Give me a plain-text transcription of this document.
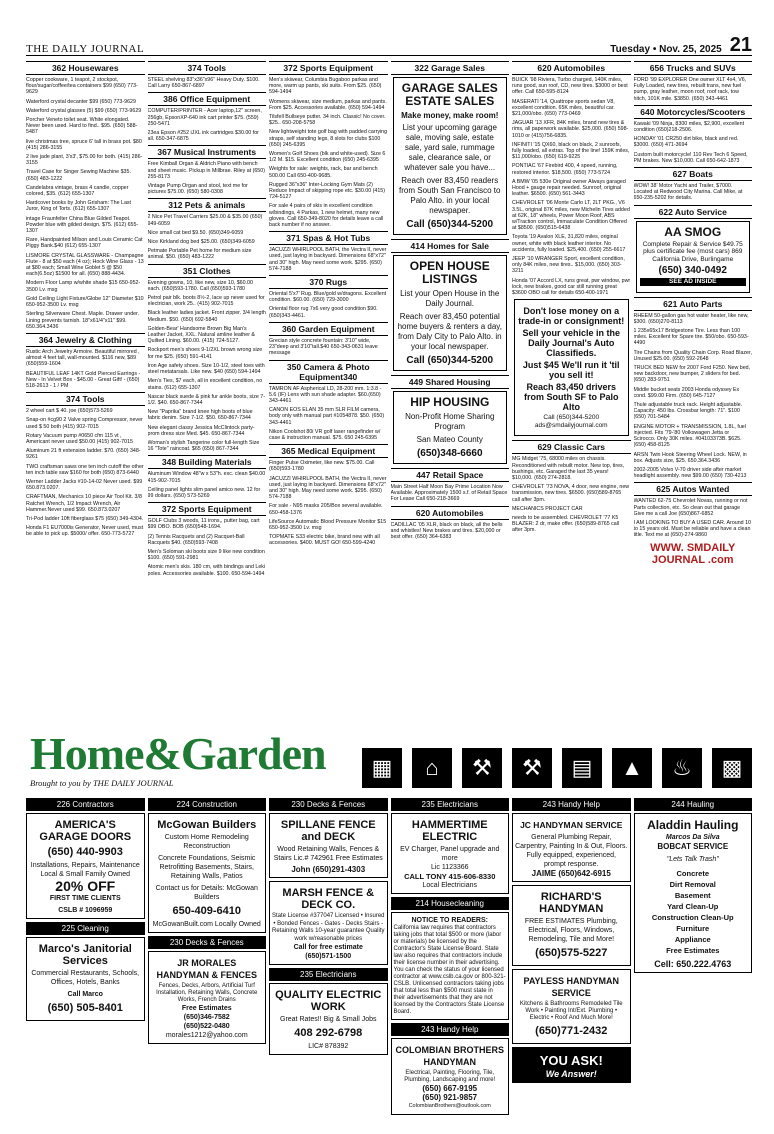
THE DAILY JOURNAL	Tuesday • Nov. 25, 2025 21
362 Housewares
Copper cookware, 1 teapot, 2 stockpot, flour/sugar/coffee/tea containers $99 (650) 773-9629
Waterford crystal decanter $99 (650) 773-9629
Waterford crystal glasses (5) $99 (650) 773-9629
Porcher Veneto toilet seat. White elongated. Never been used. Hard to find.. $95. (650) 588-5487
live christmas tree, spruce 6' tall in brass pot. $80 (415) 286-3155
2 live jade plant, 3'x3', $75.00 for both. (415) 286-3155
Travel Case for Singer Sewing Machine $35. (650) 483-1222
Candelabra vintage, brass 4 candle, copper colored, $35. (612) 655-1307
Hardcover books by John Grisham: The Last Juror, King of Torts. (612) 655-1307
intage Fraunfelter China Blue Gilded Teapot. Powder blue with gilded design. $75. (612) 655-1307
Rare, Handpainted Milson and Louis Ceramic Cat Piggy Bank.$40 (612) 655-1307
LISMORE CRYSTAL GLASSWARE - Champagne Flute - 8 at $50 each (4 oz); Hock Wine Glass - 13 at $80 each; Small Wine Goblet 5 @ $50 each(6.5oz) $1500 for all. (650) 888-4434.
Modern Floor Lamp w/white shade $15 650-952-3500 Lv. msg
Gold Ceiling Light Fixture/Globe 12" Diameter $10 650-952-3500 Lv. msg
Sterling Silverware Chest. Maple. Drawer under. Lining prevents tarnish. 18"x61/4"x11" $99. 650.364.3436
364 Jewelry & Clothing
Rustic Arch Jewelry Armoire. Beautiful mirrored , almost 4 feet tall, wall-mounted. $116 new, $89 (650)559-1604
BEAUTIFUL LEAF 14KT Gold Pierced Earrings - New - In Velvet Box - $45.00 - Great Gift! - (650) 518-2613 - 1 / PM
374 Tools
2 wheel cart $ 40. joe (650)573-5269
Snap-on #cg90 2 Valve spring Compressor, never used $ 50 both (415) 902-7015
Rotary Vacuum pump #0650 cfm 115 vt , Americant never used $50.00 (415) 902-7015
Aluminum 21 ft extension ladder. $70. (650) 348-9261
TWO craftsman saws one ten inch cutoff the other ten inch table saw $160 for both (650) 873-6440
Werner Ladder Jacks #10-14-02 Never used. $99 650.873.0207.
CRAFTMAN, Mechanics 10 piece Air Tool Kit. 3/8 Ratchet Wrench, 1/2 Impact Wrench, Air Hammer.Never used $99. 650.873.0207
Tri-Pod ladder 10ft fiberglass $75 (650) 349-4304.
Honda F1 EU7000is Generator, Never used, must be able to pick up. $5000/ offer. 650-773-5727
374 Tools
STEEL shelving 83"x36"x96" Heavy Duty. $100. Call Larry 650-867-6897
386 Office Equipment
COMPUTER/PRINTER - Acer laptop,12" screen, 256gb, EpsonXP-640 ink cart printer $75. (559) 250-5471
23ea Epson #252 iJXL ink cartridges $30.00 for all. 650-347-6875
367 Musical Instruments
Free Kimball Organ & Aldrich Piano with bench and sheet music. Pickup in Millbrae. Riley at (650) 255-8173
Vintage Pump Organ and stool, text me for pictures $75.00. (650) 580-0308
312 Pets & animals
2 Nice Pet Travel Carriers $25.00 & $35.00 (650) 949-6059
Nice small cat bed $9.50. (650)349-6059
Nice Kirkland dog bed $25.00. (650)349-6059
Petmate Portable Pet home for medium size animal. $50. (650) 483-1222
351 Clothes
Evening gowns, 10, like new, size 10, $60.00 each. (650)593-1780. Call (650)593-1780
Petrol pair blk. boots 8½-2, lace up never used for electrician, work 25.. (415) 902-7015
Black leather ladies jacket. Front zipper. 3/4 length Medium. $50. (650) 692-5840
Golden-Bear' Handsome Brown Big Man's Leather Jacket, XXL. Natural amline leather & Quilted Lining. $60.00. (415) 724-5127.
Rockport men's shoes 9-1/2XL brown wrong size for me $25. (650) 591-4141
Iron Age safety shoes. Size 10-1/2, steel toes with steel metatarsals. Like new. $40 (650) 594-1494
Men's Ties, $7 each, all in excellent condition, no stains. (612) 655-1307
Nascar black suede & pink fur ankle boots, size 7-1/2. $40. 650-867-7344
New "Paprika" brand knee high boots of blue fabric denim. Size 7-1/2. $50. 650-867-7344
New elegant classy Jessica McClintock party-prom dress size Med. $45. 650-867-7344
Woman's stylish Tangerine color full-length Size 16 "Tote" raincoat. $65 (650) 867-7344
348 Building Materials
Aluminum Window 48"w x 53"h. exc. clean $40.00 415-902-7015
Ceiling panel lights slim panel amico new. 12 for 99 dollars. (650) 573-5269
372 Sports Equipment
GOLF Clubs 3 woods, 11 irons,, putter bag, cart $99 OBO. BOB (650)548-1694.
(2) Tennis Racquets and (2) Racquet-Ball Racquets $40. (650)593-7408
Men's Soloman ski boots size 9 like new condition $100. (650) 591-2981
Atomic men's skis. 180 cm, with bindings and Leki poles. Accessories available. $100. 650-594-1494
372 Sports Equipment
Men's skiwear, Columbia Bugaboo parkas and more, warm up pants, ski suits. From $25. (650) 594-1494
Womens skiwear, size medium, parkas and pants. From $25. Accessories available. (650) 594-1494
Tilsfell Bullseye putter. 34 inch. Classic! No cover. $25.. 650-208-5758
New lightweight tote golf bag with padded carrying straps, self standing legs, 8 slots for clubs $100 (650) 245-6395
Women's Golf Shoes (blk and white-used). Size 6 1/2 M. $15. Excellent condition (650) 245-6395
Weights for sale: weights, rack, bar and bench 500.00 Call 650-400-9685.
Rugged 36"x36" Inter-Locking Gym Mats (2) Reduce Impact of skipping rope etc. $30.00 (415) 724-5127
For sale 4 pairs of skis in excellent condition w/bindings, 4 Parkas, 1 new helmet, many new gloves. Call 650-349-8020 for details leave a call back number if no answer.
371 Spas & Hot Tubs
JACUZZI WHIRLPOOL BATH, the Vectra II, never used, just laying in backyard. Dimensions 68"x72" and 30" high. May need some work. $295. (650) 574-7188
370 Rugs
Oriental 5'x7' Rug. Blue/gold w/dragons. Excellent condition. $60.00. (650) 729-3000
Oriental floor rug 7x6 very good condition $90. (650)343-4461.
360 Garden Equipment
Grecian style concrete fountain: 3'10" wide, 23"deep and 3'10"tall.$40 650-343-0631 leave message
350 Camera & Photo Equipment340
TAMRON AF Aspherical LD, 28-200 mm. 1:3.8 - 5.6 (IF) Lens with sun shade adapter. $60.(650) 343-4461
CANON EOS ELAN 35 mm SLR FILM camera, body only with manual part #1054878. $50. (650) 343-4461
Nikon Coolshot 80i VR golf laser rangefinder w/ case & instruction manual. $75. 650 245-6395
365 Medical Equipment
Finger Pulse Oximeter, like new. $75.00. Call (650)593-1780
JACUZZI WHIRLPOOL BATH, the Vectra II, never used, just laying in backyard. Dimensions 68"x72" and 30" high. May need some work. $295. (650) 574-7188
For sale - N95 masks 205/Box several available. 650-458-1376
LifeSource Automatic Blood Pressure Monitor $15 650-952-3500 Lv. msg
TOPMATE S33 electric bike, brand new with all accessories. $400. MUST GO! 650-599-4240
322 Garage Sales
GARAGE SALES ESTATE SALES
Make money, make room!
List your upcoming garage sale, moving sale, estate sale, yard sale, rummage sale, clearance sale, or whatever sale you have...
Reach over 83,450 readers from South San Francisco to Palo Alto. in your local newspaper.
Call (650)344-5200
414 Homes for Sale
OPEN HOUSE LISTINGS
List your Open House in the Daily Journal.
Reach over 83,450 potential home buyers & renters a day, from Daly City to Palo Alto. in your local newspaper.
Call (650)344-5200
449 Shared Housing
HIP HOUSING
Non-Profit Home Sharing Program
San Mateo County
(650)348-6660
447 Retail Space
Main Street Half Moon Bay Prime Location Now Available. Approximately 1500 s.f. of Retail Space For Lease Call 650-218-3669
620 Automobiles
CADILLAC '05 XLR, black on black, all the bells and whistles! New brakes and tires. $20,000 or best offer. (650) 364-6383
620 Automobiles
BUICK '98 Riviera, Turbo charged, 140K miles, runs good, sun roof, CD, new tires. $3000 or best offer. Call 650-595-8124
MASERATI '14, Quattrope sports sedan V8, excellent condition. 65K miles, beautiful car. $21,000/obo. (650) 773-0469
JAGUAR '13 XFR, 84K miles, brand new tires & rims, all paperwork available. $25,000. (650) 598-1010 or (415)756-6835.
INFINITI '15 QX60, black on black, 2 sunroofs, fully loaded, all extras. Top of the line! 159K miles, $11,000/obo. (650) 619-9225
PONTIAC '67 Firebird 400, 4 speed, running, restored interior. $18,500. (650) 773-5724
A BMW '05 530e Original owner Always garaged Hood + gauge repair needed. Sunroof, original leather. $6500. (650) 561-3443
CHEVROLET '06 Monte Carlo LT, 2LT PKG., V6 3.5L, original 87K miles, new Michelin Tires added at 62K, 18" wheels, Power Moon Roof, ABS w/Traction control, Immaculate Condition Offered at $8500. (650)515-6438
Toyota '19 Avalon XLE, 31,820 miles, original owner, white with black leather interior. No accidents, fully loaded. $25,400. (650) 255-6617
JEEP '10 WRANGER Sport, excellent condition, only 84K miles, new tires.. $15,000. (650) 303-3211
Honda '07 Accord LX, runs great, pwr window, pwr lock, new brakes, good car still running great $3600 OBO call for details 650-400-1971
Don't lose money on a trade-in or consignment!
Sell your vehicle in the Daily Journal's Auto Classifieds.
Just $45 We'll run it 'til you sell it!
Reach 83,450 drivers from South SF to Palo Alto
Call (650)344-5200 ads@smdailyjournal.com
629 Classic Cars
MG Midget '75, 68000 miles on chassis. Reconditioned with rebuilt motor. New top, tires, bushings, etc. Garaged the last 35 years! $10,000. (650) 274-2818.
CHEVROLET '73 NOVA, 4 door, new engine, new transmission, new tires. $6500. (650)589-8765 call after 3pm.
MECHANICS PROJECT CAR
needs to be assembled. CHEVROLET '77 K5 BLAZER: 2 dr, make offer. (650)589-8765 call after 3pm.
656 Trucks and SUVs
FORD '99 EXPLORER One owner XLT 4x4, V6, Fully Loaded, new tires, rebuilt trans, new fuel pump, gray leather, moon roof, roof rack, tow hitch, 101K mile. $3850. (650) 343-4461
640 Motorcycles/Scooters
Kawaki '09 Ninja, 8300 miles, $2,900, excellent condition (650)218-2506.
HONDAY '01 CR250 dirt bike, black and red. $3000. (650) 471-3694
Custom built motorcycle! 110 Rev Tech 6 Speed, PM brakes. New $10,000. Call 650-642-1873
627 Boats
WOW! 38' Motor Yacht and Trailer, $7000. Located at Redwood City Marina. Call Mike, at 650-235-5202 for details.
622 Auto Service
AA SMOG
Complete Repair & Service $49.75 plus certificate fee (most cars) 869 California Drive, Burlingame
(650) 340-0492
SEE AD INSIDE
621 Auto Parts
RHEEM 50-gallon gas hot water heater, like new, $300. (650)270-8113
1 235x65x17 Bridgestone Tire. Less than 100 miles. Excellent for Spare tire. $50/obo. 650-593-4490
Tire Chains from Quality Chain Corp. Road Blazer, Unused $25.00. (650) 592-2648
TRUCK BED NEW for 2007 Ford F250. New bed, new backdoor, new bumper, 2 sliders for bed. (650) 283-9751
Middle bucket seats 2003 Honda odyssey Ex cond. $99.00 Firm. (650) 645-7127
Thule adjustable truck rack. Height adjustable. Capacity: 450 lbs. Crossbar length: 71". $100 (650) 701-5484
ENGINE MOTOR + TRANSMISSION, 1.8L, fuel injected. Fits '79-'80 Volkswagen Jetta or Scirocco. Only 30K miles. #04103373B. $625. (650) 458-8125
ARSN Twin Hook Steering Wheel Lock. NEW, in box. Adjusts size, $25. 650.364.3436
2002-2005 Volvo V-70 driver side after market headlight assembly. new $99.00 (650) 730-4213
625 Autos Wanted
WANTED 62-75 Chevrolet Novas, running or not Parts collection, etc. So clean out that garage Give me a call Joe (650)867-6852
I AM LOOKING TO BUY A USED CAR. Around 10 to 15 years old. Must be reliable and have a clean title. Text me at (650)-274-9860
WWW. SMDAILY JOURNAL .com
Home&Garden
Brought to you by THE DAILY JOURNAL
▦	⌂	⚒	⚒	▤	▲	♨	▩
226 Contractors
AMERICA'S GARAGE DOORS
(650) 440-9903
Installations, Repairs, Maintenance
Local & Small Family Owned
20% OFF
FIRST TIME CLIENTS
CSLB # 1096959
225 Cleaning
Marco's Janitorial Services
Commercial Restaurants, Schools, Offices, Hotels, Banks
Call Marco
(650) 505-8401
224 Construction
McGowan Builders
Custom Home Remodeling Reconstruction
Concrete Foundations, Seismic Retrofitting Basements, Stairs, Retaining Walls, Patios
Contact us for Details: McGowan Builders
650-409-6410
McGowanBuilt.com Locally Owned
230 Decks & Fences
JR MORALES HANDYMAN & FENCES
Fences, Decks, Arbors, Artificial Turf Installation, Retaining Walls, Concrete Works, French Drains
Free Estimates
(650)346-7582
(650)522-0480
morales1212@yahoo.com
230 Decks & Fences
SPILLANE FENCE and DECK
Wood Retaining Walls, Fences & Stairs Lic.# 742961 Free Estimates
John (650)291-4303
MARSH FENCE & DECK CO.
State License #377047 Licensed • Insured • Bonded Fences - Gates - Decks Stairs - Retaining Walls 10-year guarantee Quality work w/reasonable prices
Call for free estimate
(650)571-1500
235 Electricians
QUALITY ELECTRIC WORK
Great Rates!! Big & Small Jobs
408 292-6798
LIC# 878392
235 Electricians
HAMMERTIME ELECTRIC
EV Charger, Panel upgrade and more
Lic 1123366
CALL TONY 415-606-8330
Local Electricians
214 Housecleaning
NOTICE TO READERS:
California law requires that contractors taking jobs that total $500 or more (labor or materials) be licensed by the Contractor's State License Board. State law also requires that contractors include their license number in their advertising. You can check the status of your licensed contractor at www.cslb.ca.gov or 800-321-CSLB. Unlicensed contractors taking jobs that total less than $500 must state in their advertisements that they are not licensed by the Contractors State License Board.
243 Handy Help
COLOMBIAN BROTHERS HANDYMAN
Electrical, Painting, Flooring, Tile, Plumbing, Landscaping and more!
(650) 667-9195
(650) 921-9857
ColombianBrothers@outlook.com
243 Handy Help
JC HANDYMAN SERVICE
General Plumbing Repair, Carpentry, Painting In & Out, Floors.
Fully equipped, experienced, prompt response.
JAIME (650)642-6915
RICHARD'S HANDYMAN
FREE ESTIMATES Plumbing, Electrical, Floors, Windows, Remodeling, Tile and More!
(650)575-5227
PAYLESS HANDYMAN SERVICE
Kitchens & Bathrooms Remodeled Tile Work • Painting Int/Ext. Plumbing • Electric • Roof And Much More!
(650)771-2432
YOU ASK!
We Answer!
244 Hauling
Aladdin Hauling
Marcos Da Silva
BOBCAT SERVICE
"Lets Talk Trash"
Concrete
Dirt Removal
Basement
Yard Clean-Up
Construction Clean-Up
Furniture
Appliance
Free Estimates
Cell: 650.222.4763
